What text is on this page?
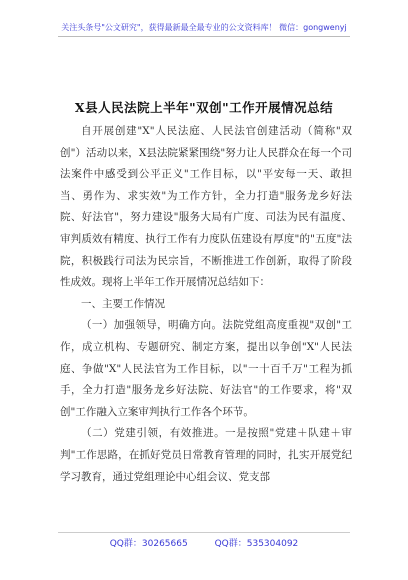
关注头条号"公文研究"，获得最新最全最专业的公文资料库！ 微信：gongwenyj
X县人民法院上半年"双创"工作开展情况总结

自开展创建"X"人民法庭、人民法官创建活动（简称"双创"）活动以来，X县法院紧紧围绕"努力让人民群众在每一个司法案件中感受到公平正义"工作目标，以"平安每一天、敢担当、勇作为、求实效"为工作方针，全力打造"服务龙乡好法院、好法官"，努力建设"服务大局有广度、司法为民有温度、审判质效有精度、执行工作有力度队伍建设有厚度"的"五度"法院，积极践行司法为民宗旨，不断推进工作创新，取得了阶段性成效。现将上半年工作开展情况总结如下：

一、主要工作情况

（一）加强领导，明确方向。法院党组高度重视"双创"工作，成立机构、专题研究、制定方案，提出以争创"X"人民法庭、争做"X"人民法官为工作目标，以"一十百千万"工程为抓手，全力打造"服务龙乡好法院、好法官"的工作要求，将"双创"工作融入立案审判执行工作各个环节。

（二）党建引领，有效推进。一是按照"党建＋队建＋审判"工作思路，在抓好党员日常教育管理的同时，扎实开展党纪学习教育，通过党组理论中心组会议、党支部

QQ群：30265665	QQ群：535304092
